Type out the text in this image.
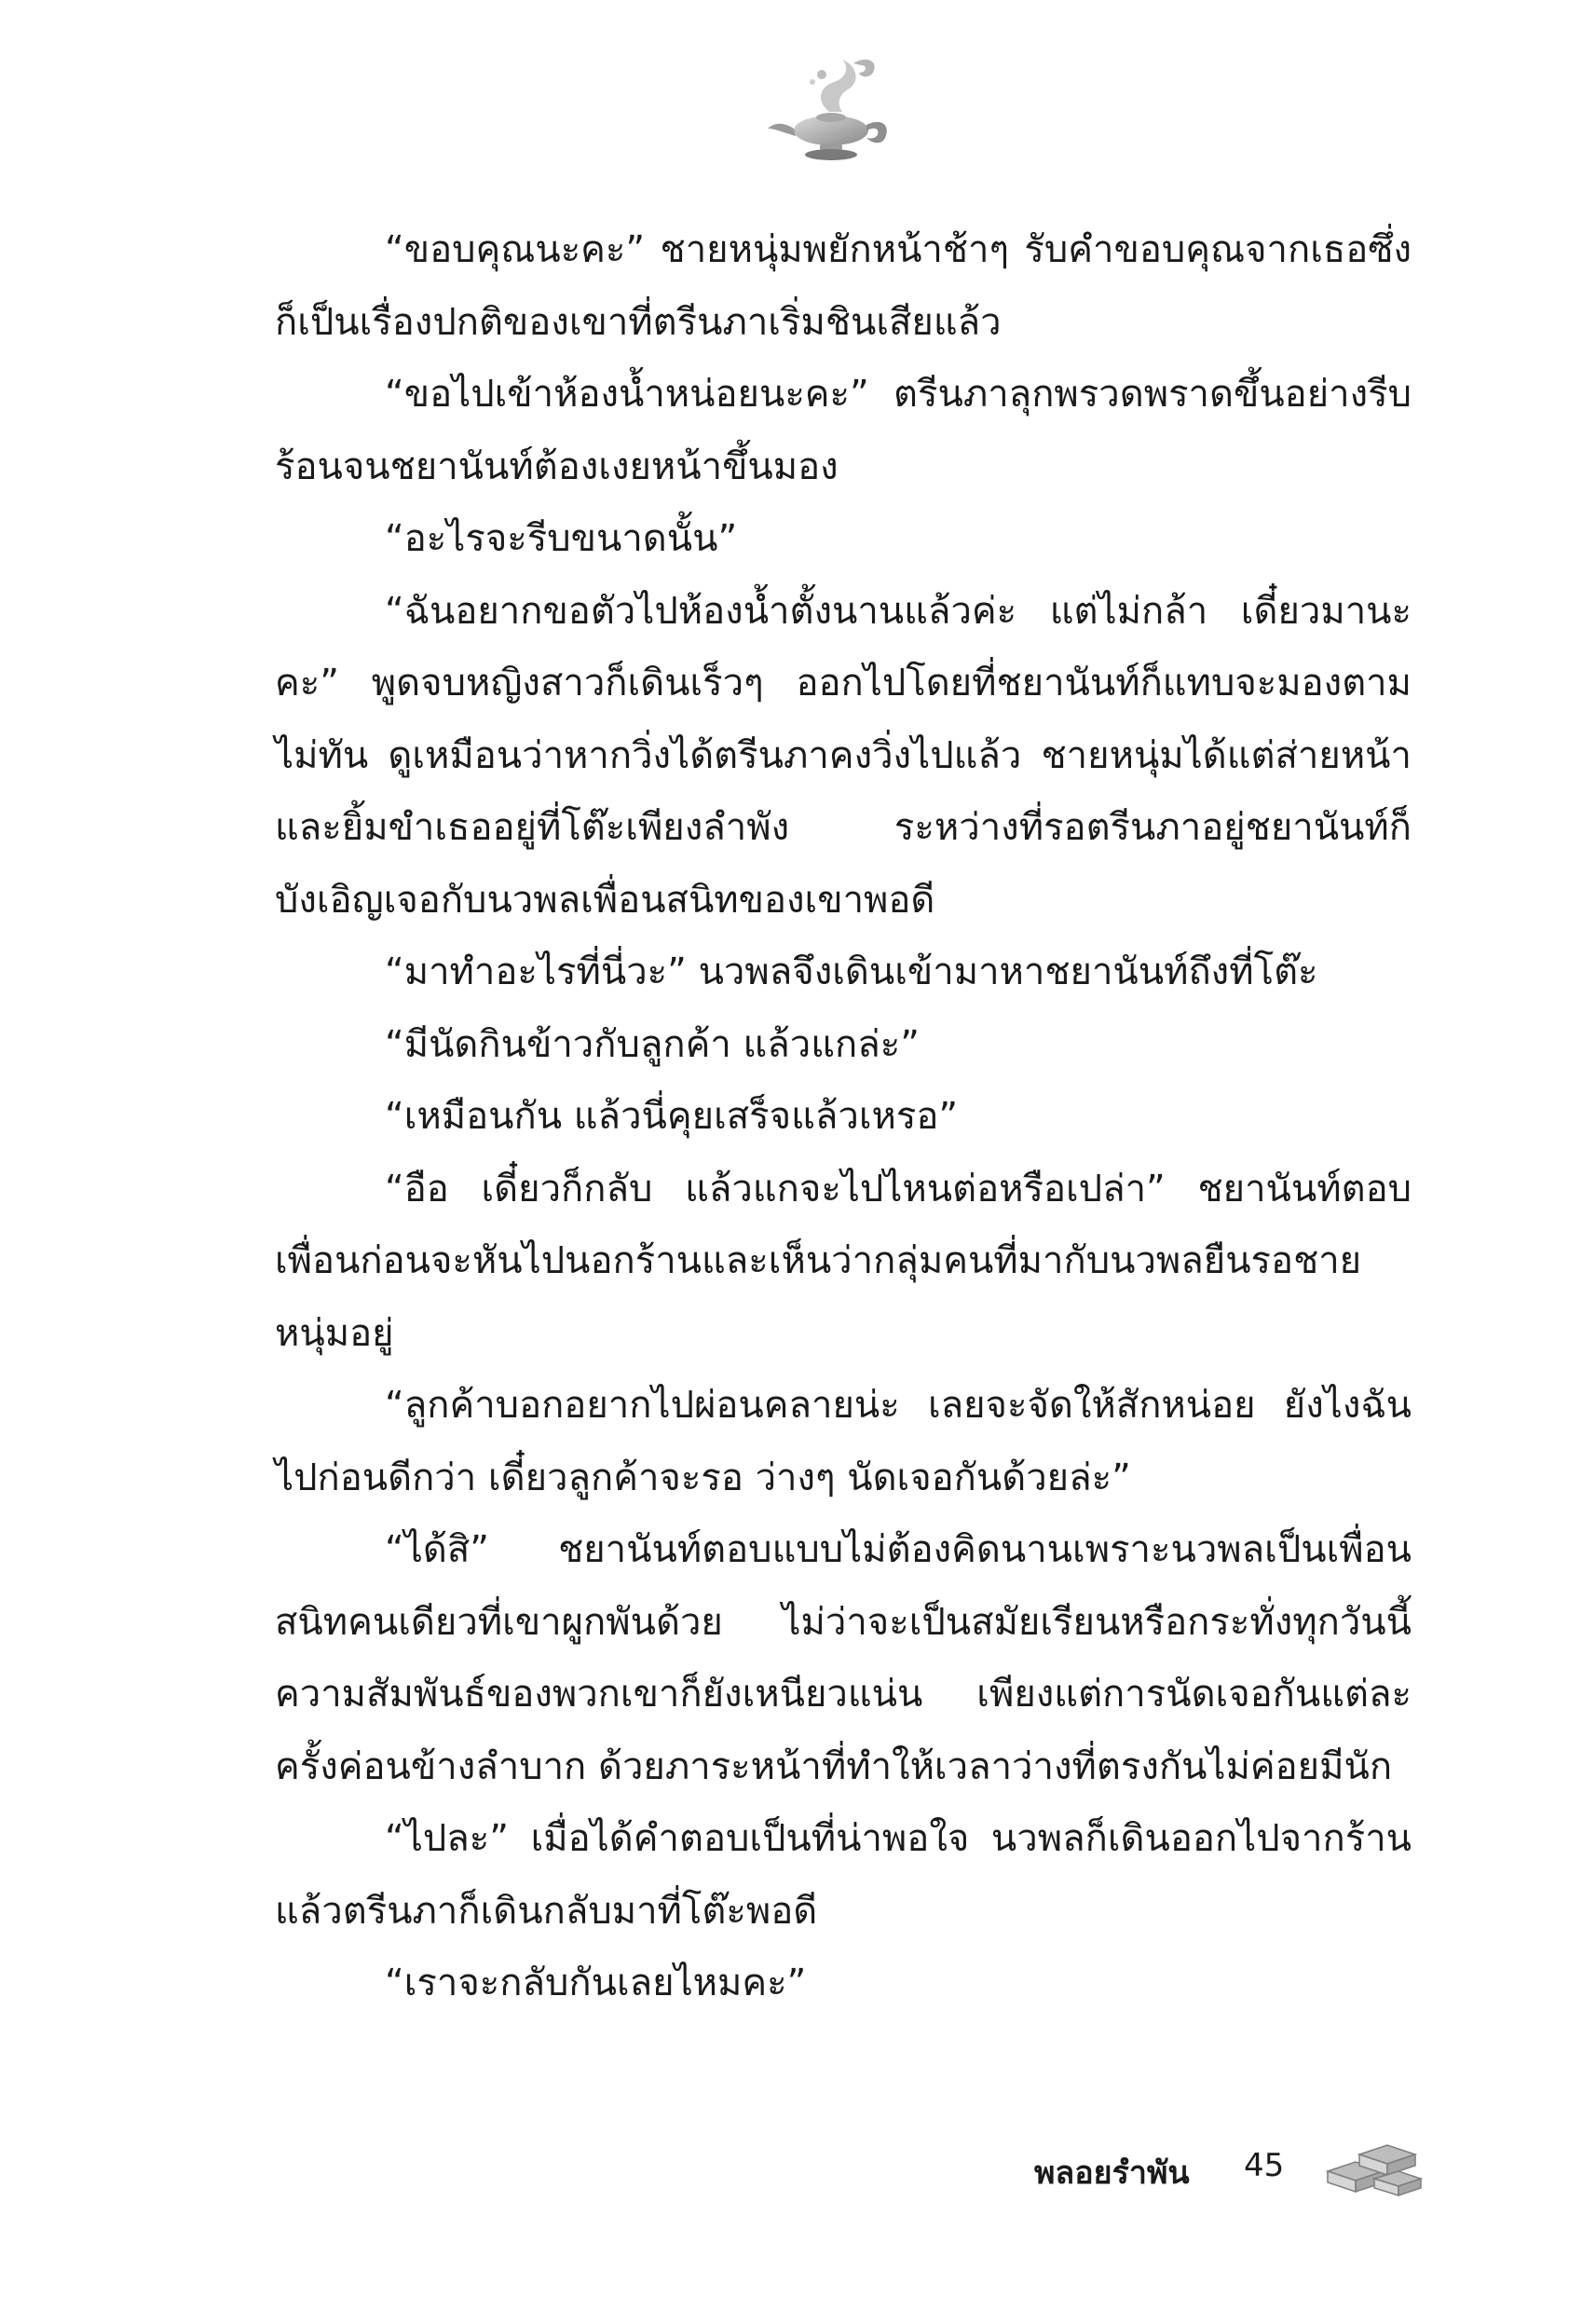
“ขอบคุณนะคะ” ชายหนุ่มพยักหน้าช้าๆ รับคำขอบคุณจากเธอซึ่งก็เป็นเรื่องปกติของเขาที่ตรีนภาเริ่มชินเสียแล้ว

“ขอไปเข้าห้องน้ำหน่อยนะคะ” ตรีนภาลุกพรวดพราดขึ้นอย่างรีบร้อนจนชยานันท์ต้องเงยหน้าขึ้นมอง

“อะไรจะรีบขนาดนั้น”

“ฉันอยากขอตัวไปห้องน้ำตั้งนานแล้วค่ะ แต่ไม่กล้า เดี๋ยวมานะคะ” พูดจบหญิงสาวก็เดินเร็วๆ ออกไปโดยที่ชยานันท์ก็แทบจะมองตามไม่ทัน ดูเหมือนว่าหากวิ่งได้ตรีนภาคงวิ่งไปแล้ว ชายหนุ่มได้แต่ส่ายหน้าและยิ้มขำเธออยู่ที่โต๊ะเพียงลำพัง ระหว่างที่รอตรีนภาอยู่ชยานันท์ก็บังเอิญเจอกับนวพลเพื่อนสนิทของเขาพอดี

“มาทำอะไรที่นี่วะ” นวพลจึงเดินเข้ามาหาชยานันท์ถึงที่โต๊ะ

“มีนัดกินข้าวกับลูกค้า แล้วแกล่ะ”

“เหมือนกัน แล้วนี่คุยเสร็จแล้วเหรอ”

“อือ เดี๋ยวก็กลับ แล้วแกจะไปไหนต่อหรือเปล่า” ชยานันท์ตอบเพื่อนก่อนจะหันไปนอกร้านและเห็นว่ากลุ่มคนที่มากับนวพลยืนรอชายหนุ่มอยู่

“ลูกค้าบอกอยากไปผ่อนคลายน่ะ เลยจะจัดให้สักหน่อย ยังไงฉันไปก่อนดีกว่า เดี๋ยวลูกค้าจะรอ ว่างๆ นัดเจอกันด้วยล่ะ”

“ได้สิ” ชยานันท์ตอบแบบไม่ต้องคิดนานเพราะนวพลเป็นเพื่อนสนิทคนเดียวที่เขาผูกพันด้วย ไม่ว่าจะเป็นสมัยเรียนหรือกระทั่งทุกวันนี้ความสัมพันธ์ของพวกเขาก็ยังเหนียวแน่น เพียงแต่การนัดเจอกันแต่ละครั้งค่อนข้างลำบาก ด้วยภาระหน้าที่ทำให้เวลาว่างที่ตรงกันไม่ค่อยมีนัก

“ไปละ” เมื่อได้คำตอบเป็นที่น่าพอใจ นวพลก็เดินออกไปจากร้านแล้วตรีนภาก็เดินกลับมาที่โต๊ะพอดี

“เราจะกลับกันเลยไหมคะ”

พลอยรำพัน 45
